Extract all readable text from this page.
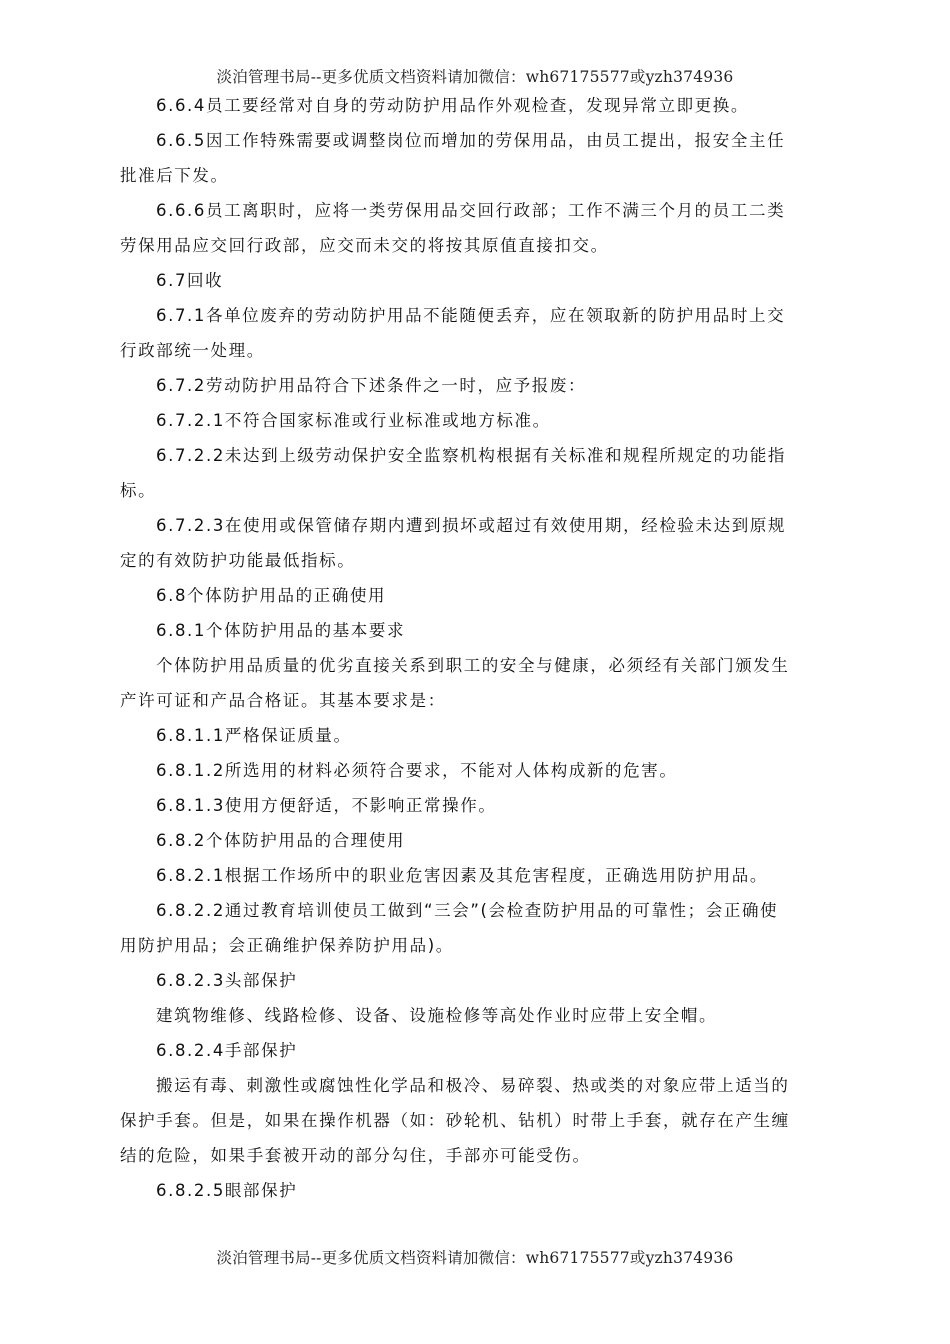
淡泊管理书局--更多优质文档资料请加微信：wh67175577或yzh374936

6.6.4员工要经常对自身的劳动防护用品作外观检查，发现异常立即更换。

6.6.5因工作特殊需要或调整岗位而增加的劳保用品，由员工提出，报安全主任

批准后下发。

6.6.6员工离职时，应将一类劳保用品交回行政部；工作不满三个月的员工二类

劳保用品应交回行政部，应交而未交的将按其原值直接扣交。

6.7回收

6.7.1各单位废弃的劳动防护用品不能随便丢弃，应在领取新的防护用品时上交

行政部统一处理。

6.7.2劳动防护用品符合下述条件之一时，应予报废：

6.7.2.1不符合国家标准或行业标准或地方标准。

6.7.2.2未达到上级劳动保护安全监察机构根据有关标准和规程所规定的功能指

标。

6.7.2.3在使用或保管储存期内遭到损坏或超过有效使用期，经检验未达到原规

定的有效防护功能最低指标。

6.8个体防护用品的正确使用

6.8.1个体防护用品的基本要求

个体防护用品质量的优劣直接关系到职工的安全与健康，必须经有关部门颁发生

产许可证和产品合格证。其基本要求是：

6.8.1.1严格保证质量。

6.8.1.2所选用的材料必须符合要求，不能对人体构成新的危害。

6.8.1.3使用方便舒适，不影响正常操作。

6.8.2个体防护用品的合理使用

6.8.2.1根据工作场所中的职业危害因素及其危害程度，正确选用防护用品。

6.8.2.2通过教育培训使员工做到“三会”(会检查防护用品的可靠性；会正确使

用防护用品；会正确维护保养防护用品)。

6.8.2.3头部保护

建筑物维修、线路检修、设备、设施检修等高处作业时应带上安全帽。

6.8.2.4手部保护

搬运有毒、刺激性或腐蚀性化学品和极冷、易碎裂、热或类的对象应带上适当的

保护手套。但是，如果在操作机器（如：砂轮机、钻机）时带上手套，就存在产生缠

结的危险，如果手套被开动的部分勾住，手部亦可能受伤。

6.8.2.5眼部保护

淡泊管理书局--更多优质文档资料请加微信：wh67175577或yzh374936
